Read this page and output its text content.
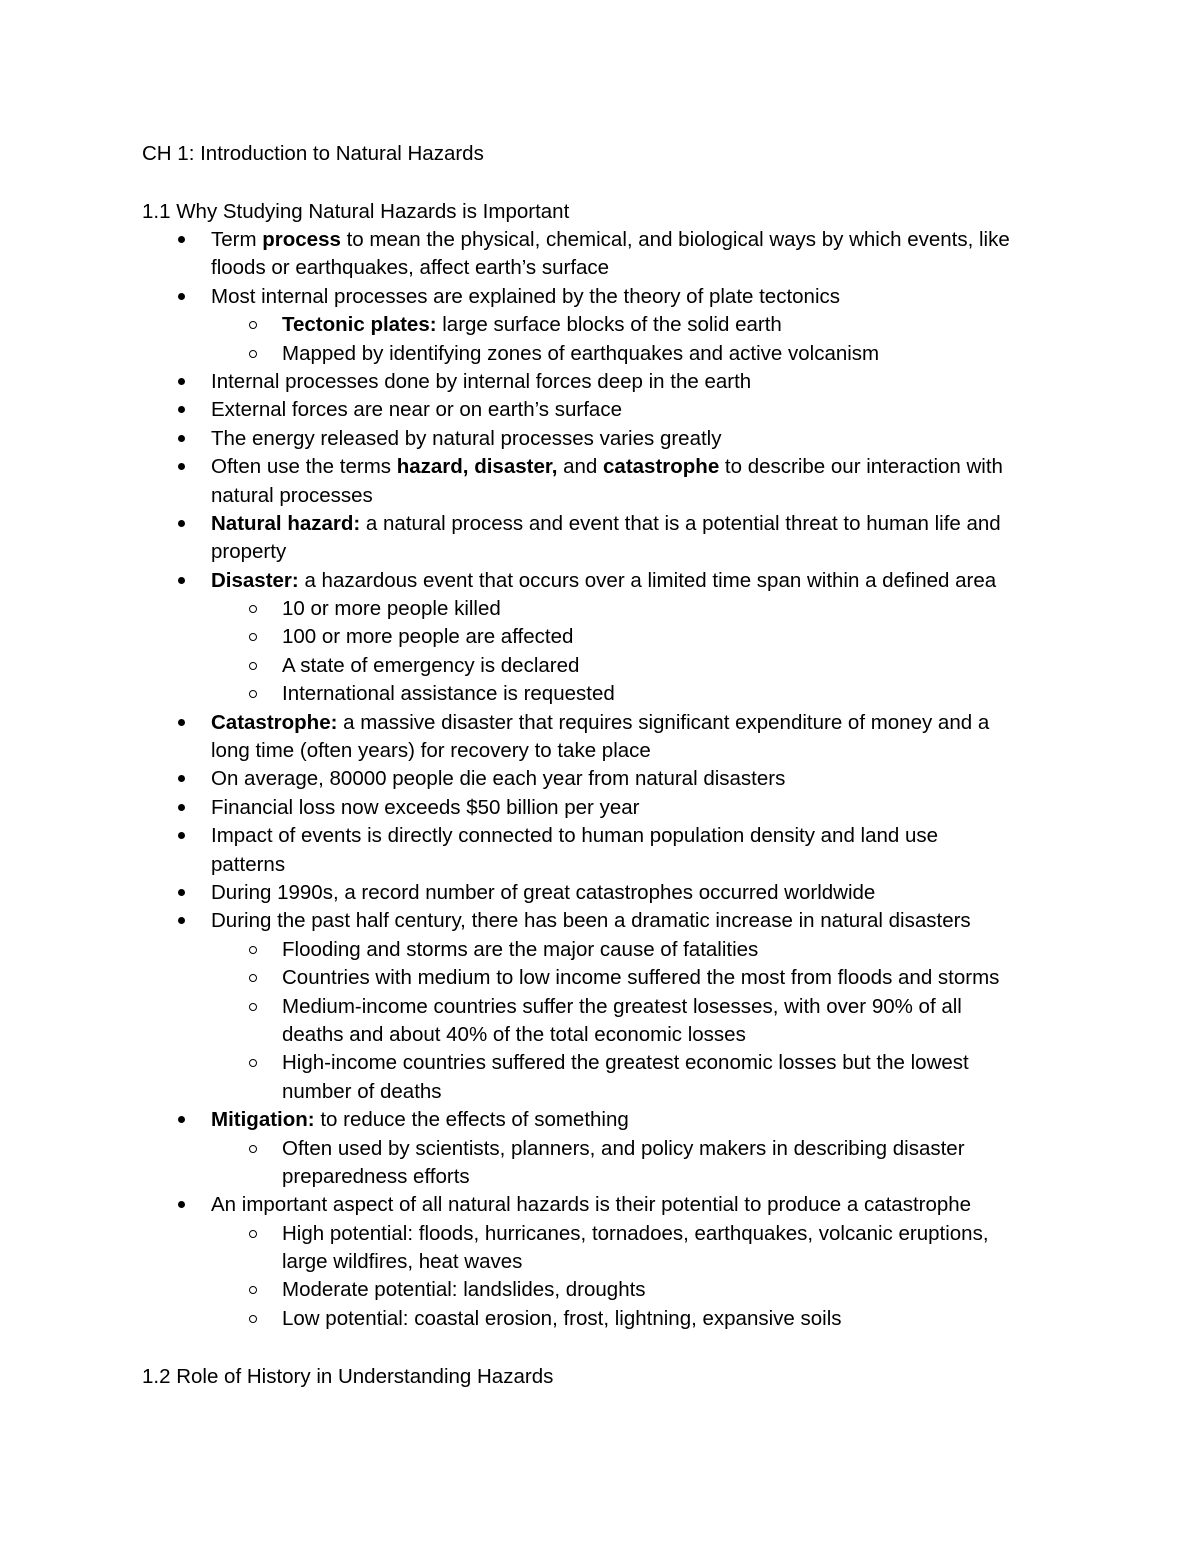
CH 1: Introduction to Natural Hazards
1.1 Why Studying Natural Hazards is Important
Term process to mean the physical, chemical, and biological ways by which events, like
floods or earthquakes, affect earth’s surface
Most internal processes are explained by the theory of plate tectonics
Tectonic plates: large surface blocks of the solid earth
Mapped by identifying zones of earthquakes and active volcanism
Internal processes done by internal forces deep in the earth
External forces are near or on earth’s surface
The energy released by natural processes varies greatly
Often use the terms hazard, disaster, and catastrophe to describe our interaction with
natural processes
Natural hazard: a natural process and event that is a potential threat to human life and
property
Disaster: a hazardous event that occurs over a limited time span within a defined area
10 or more people killed
100 or more people are affected
A state of emergency is declared
International assistance is requested
Catastrophe: a massive disaster that requires significant expenditure of money and a
long time (often years) for recovery to take place
On average, 80000 people die each year from natural disasters
Financial loss now exceeds $50 billion per year
Impact of events is directly connected to human population density and land use
patterns
During 1990s, a record number of great catastrophes occurred worldwide
During the past half century, there has been a dramatic increase in natural disasters
Flooding and storms are the major cause of fatalities
Countries with medium to low income suffered the most from floods and storms
Medium-income countries suffer the greatest losesses, with over 90% of all
deaths and about 40% of the total economic losses
High-income countries suffered the greatest economic losses but the lowest
number of deaths
Mitigation: to reduce the effects of something
Often used by scientists, planners, and policy makers in describing disaster
preparedness efforts
An important aspect of all natural hazards is their potential to produce a catastrophe
High potential: floods, hurricanes, tornadoes, earthquakes, volcanic eruptions,
large wildfires, heat waves
Moderate potential: landslides, droughts
Low potential: coastal erosion, frost, lightning, expansive soils
1.2 Role of History in Understanding Hazards
